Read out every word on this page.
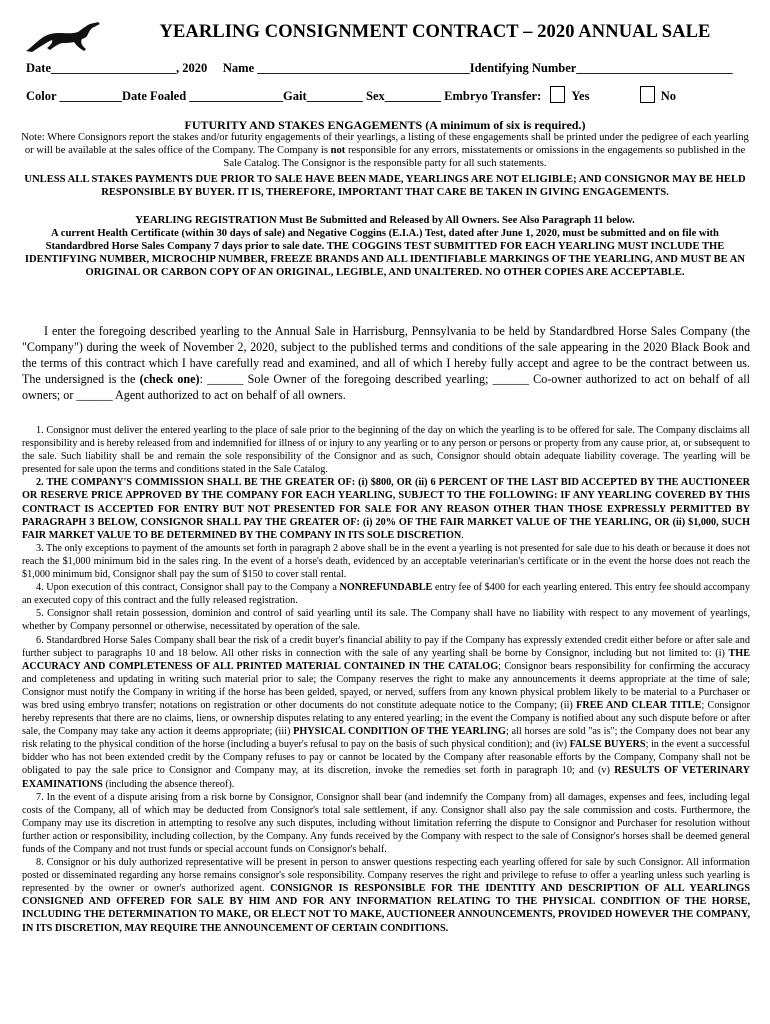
YEARLING CONSIGNMENT CONTRACT – 2020 ANNUAL SALE
Date____________________, 2020 Name __________________________________Identifying Number_________________________
Color __________Date Foaled _______________Gait_________ Sex_________ Embryo Transfer: Yes	No
FUTURITY AND STAKES ENGAGEMENTS (A minimum of six is required.)
Note: Where Consignors report the stakes and/or futurity engagements of their yearlings, a listing of these engagements shall be printed under the pedigree of each yearling or will be available at the sales office of the Company. The Company is not responsible for any errors, misstatements or omissions in the engagements so published in the Sale Catalog. The Consignor is the responsible party for all such statements.
UNLESS ALL STAKES PAYMENTS DUE PRIOR TO SALE HAVE BEEN MADE, YEARLINGS ARE NOT ELIGIBLE; AND CONSIGNOR MAY BE HELD RESPONSIBLE BY BUYER. IT IS, THEREFORE, IMPORTANT THAT CARE BE TAKEN IN GIVING ENGAGEMENTS.
YEARLING REGISTRATION Must Be Submitted and Released by All Owners. See Also Paragraph 11 below.
A current Health Certificate (within 30 days of sale) and Negative Coggins (E.I.A.) Test, dated after June 1, 2020, must be submitted and on file with Standardbred Horse Sales Company 7 days prior to sale date. THE COGGINS TEST SUBMITTED FOR EACH YEARLING MUST INCLUDE THE IDENTIFYING NUMBER, MICROCHIP NUMBER, FREEZE BRANDS AND ALL IDENTIFIABLE MARKINGS OF THE YEARLING, AND MUST BE AN ORIGINAL OR CARBON COPY OF AN ORIGINAL, LEGIBLE, AND UNALTERED. NO OTHER COPIES ARE ACCEPTABLE.
I enter the foregoing described yearling to the Annual Sale in Harrisburg, Pennsylvania to be held by Standardbred Horse Sales Company (the "Company") during the week of November 2, 2020, subject to the published terms and conditions of the sale appearing in the 2020 Black Book and the terms of this contract which I have carefully read and examined, and all of which I hereby fully accept and agree to be the contract between us. The undersigned is the (check one): ______ Sole Owner of the foregoing described yearling; ______ Co-owner authorized to act on behalf of all owners; or ______ Agent authorized to act on behalf of all owners.

1. Consignor must deliver the entered yearling to the place of sale prior to the beginning of the day on which the yearling is to be offered for sale. The Company disclaims all responsibility and is hereby released from and indemnified for illness of or injury to any yearling or to any person or persons or property from any cause prior, at, or subsequent to the sale. Such liability shall be and remain the sole responsibility of the Consignor and as such, Consignor should obtain adequate liability coverage. The yearling will be presented for sale upon the terms and conditions stated in the Sale Catalog.

2. THE COMPANY'S COMMISSION SHALL BE THE GREATER OF: (i) $800, OR (ii) 6 PERCENT OF THE LAST BID ACCEPTED BY THE AUCTIONEER OR RESERVE PRICE APPROVED BY THE COMPANY FOR EACH YEARLING, SUBJECT TO THE FOLLOWING: IF ANY YEARLING COVERED BY THIS CONTRACT IS ACCEPTED FOR ENTRY BUT NOT PRESENTED FOR SALE FOR ANY REASON OTHER THAN THOSE EXPRESSLY PERMITTED BY PARAGRAPH 3 BELOW, CONSIGNOR SHALL PAY THE GREATER OF: (i) 20% OF THE FAIR MARKET VALUE OF THE YEARLING, OR (ii) $1,000, SUCH FAIR MARKET VALUE TO BE DETERMINED BY THE COMPANY IN ITS SOLE DISCRETION.

3. The only exceptions to payment of the amounts set forth in paragraph 2 above shall be in the event a yearling is not presented for sale due to his death or because it does not reach the $1,000 minimum bid in the sales ring. In the event of a horse's death, evidenced by an acceptable veterinarian's certificate or in the event the horse does not reach the $1,000 minimum bid, Consignor shall pay the sum of $150 to cover stall rental.

4. Upon execution of this contract, Consignor shall pay to the Company a NONREFUNDABLE entry fee of $400 for each yearling entered. This entry fee should accompany an executed copy of this contract and the fully released registration.

5. Consignor shall retain possession, dominion and control of said yearling until its sale. The Company shall have no liability with respect to any movement of yearlings, whether by Company personnel or otherwise, necessitated by operation of the sale.

6. Standardbred Horse Sales Company shall bear the risk of a credit buyer's financial ability to pay if the Company has expressly extended credit either before or after sale and further subject to paragraphs 10 and 18 below. All other risks in connection with the sale of any yearling shall be borne by Consignor, including but not limited to: (i) THE ACCURACY AND COMPLETENESS OF ALL PRINTED MATERIAL CONTAINED IN THE CATALOG; Consignor bears responsibility for confirming the accuracy and completeness and updating in writing such material prior to sale; the Company reserves the right to make any announcements it deems appropriate at the time of sale; Consignor must notify the Company in writing if the horse has been gelded, spayed, or nerved, suffers from any known physical problem likely to be material to a Purchaser or was bred using embryo transfer; notations on registration or other documents do not constitute adequate notice to the Company; (ii) FREE AND CLEAR TITLE; Consignor hereby represents that there are no claims, liens, or ownership disputes relating to any entered yearling; in the event the Company is notified about any such dispute before or after sale, the Company may take any action it deems appropriate; (iii) PHYSICAL CONDITION OF THE YEARLING; all horses are sold "as is"; the Company does not bear any risk relating to the physical condition of the horse (including a buyer's refusal to pay on the basis of such physical condition); and (iv) FALSE BUYERS; in the event a successful bidder who has not been extended credit by the Company refuses to pay or cannot be located by the Company after reasonable efforts by the Company, Company shall not be obligated to pay the sale price to Consignor and Company may, at its discretion, invoke the remedies set forth in paragraph 10; and (v) RESULTS OF VETERINARY EXAMINATIONS (including the absence thereof).

7. In the event of a dispute arising from a risk borne by Consignor, Consignor shall bear (and indemnify the Company from) all damages, expenses and fees, including legal costs of the Company, all of which may be deducted from Consignor's total sale settlement, if any. Consignor shall also pay the sale commission and costs. Furthermore, the Company may use its discretion in attempting to resolve any such disputes, including without limitation referring the dispute to Consignor and Purchaser for resolution without further action or responsibility, including collection, by the Company. Any funds received by the Company with respect to the sale of Consignor's horses shall be deemed general funds of the Company and not trust funds or special account funds on Consignor's behalf.

8. Consignor or his duly authorized representative will be present in person to answer questions respecting each yearling offered for sale by such Consignor. All information posted or disseminated regarding any horse remains consignor's sole responsibility. Company reserves the right and privilege to refuse to offer a yearling unless such yearling is represented by the owner or owner's authorized agent. CONSIGNOR IS RESPONSIBLE FOR THE IDENTITY AND DESCRIPTION OF ALL YEARLINGS CONSIGNED AND OFFERED FOR SALE BY HIM AND FOR ANY INFORMATION RELATING TO THE PHYSICAL CONDITION OF THE HORSE, INCLUDING THE DETERMINATION TO MAKE, OR ELECT NOT TO MAKE, AUCTIONEER ANNOUNCEMENTS, PROVIDED HOWEVER THE COMPANY, IN ITS DISCRETION, MAY REQUIRE THE ANNOUNCEMENT OF CERTAIN CONDITIONS.
